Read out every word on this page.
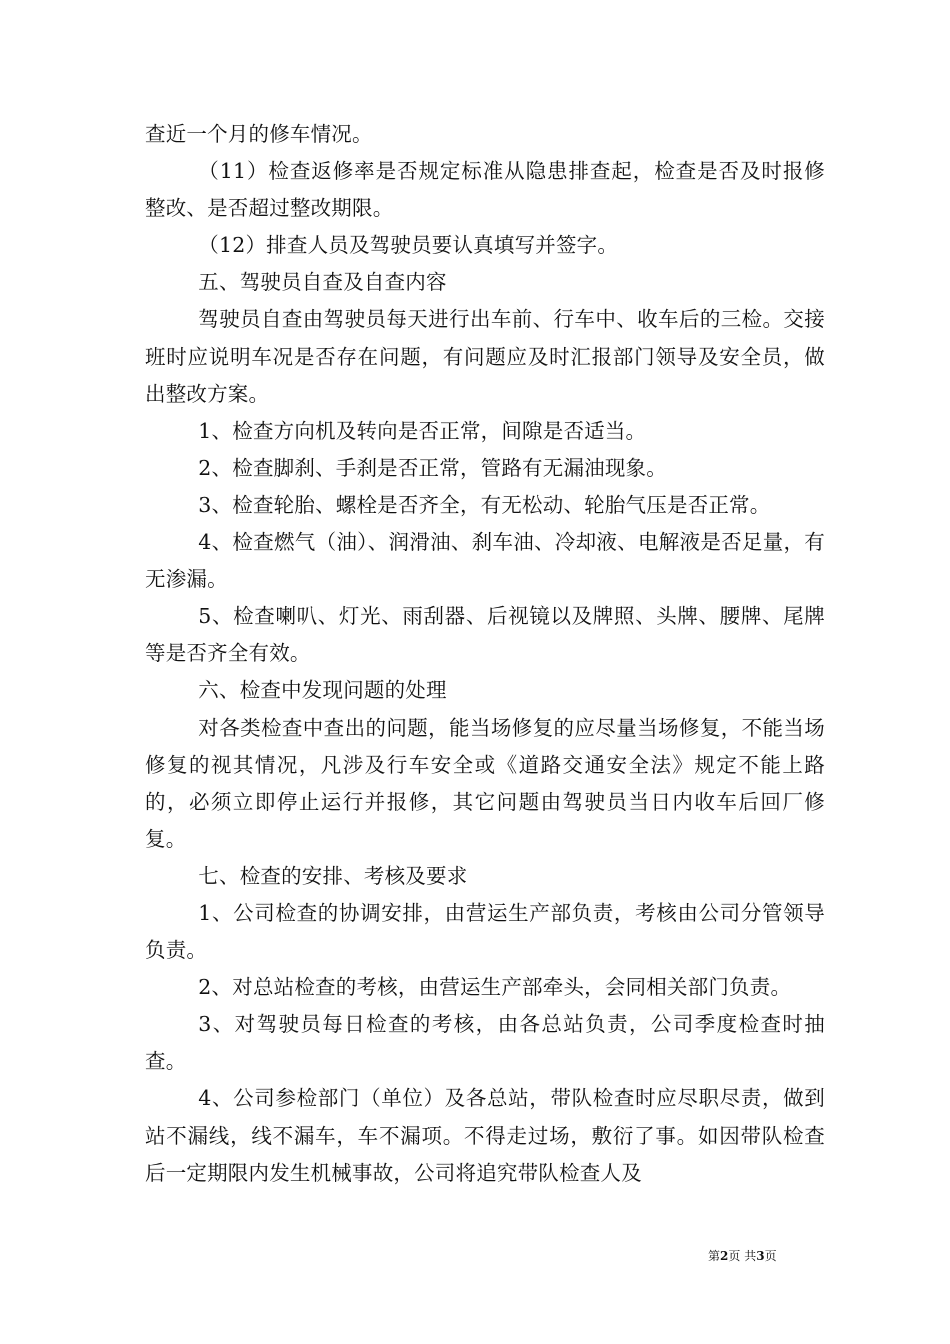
查近一个月的修车情况。

（11）检查返修率是否规定标准从隐患排查起，检查是否及时报修整改、是否超过整改期限。

（12）排查人员及驾驶员要认真填写并签字。

五、驾驶员自查及自查内容

驾驶员自查由驾驶员每天进行出车前、行车中、收车后的三检。交接班时应说明车况是否存在问题，有问题应及时汇报部门领导及安全员，做出整改方案。

1、检查方向机及转向是否正常，间隙是否适当。

2、检查脚刹、手刹是否正常，管路有无漏油现象。

3、检查轮胎、螺栓是否齐全，有无松动、轮胎气压是否正常。

4、检查燃气（油）、润滑油、刹车油、冷却液、电解液是否足量，有无渗漏。

5、检查喇叭、灯光、雨刮器、后视镜以及牌照、头牌、腰牌、尾牌等是否齐全有效。

六、检查中发现问题的处理

对各类检查中查出的问题，能当场修复的应尽量当场修复，不能当场修复的视其情况，凡涉及行车安全或《道路交通安全法》规定不能上路的，必须立即停止运行并报修，其它问题由驾驶员当日内收车后回厂修复。

七、检查的安排、考核及要求

1、公司检查的协调安排，由营运生产部负责，考核由公司分管领导负责。

2、对总站检查的考核，由营运生产部牵头，会同相关部门负责。

3、对驾驶员每日检查的考核，由各总站负责，公司季度检查时抽查。

4、公司参检部门（单位）及各总站，带队检查时应尽职尽责，做到站不漏线，线不漏车，车不漏项。不得走过场，敷衍了事。如因带队检查后一定期限内发生机械事故，公司将追究带队检查人及

第2页 共3页
